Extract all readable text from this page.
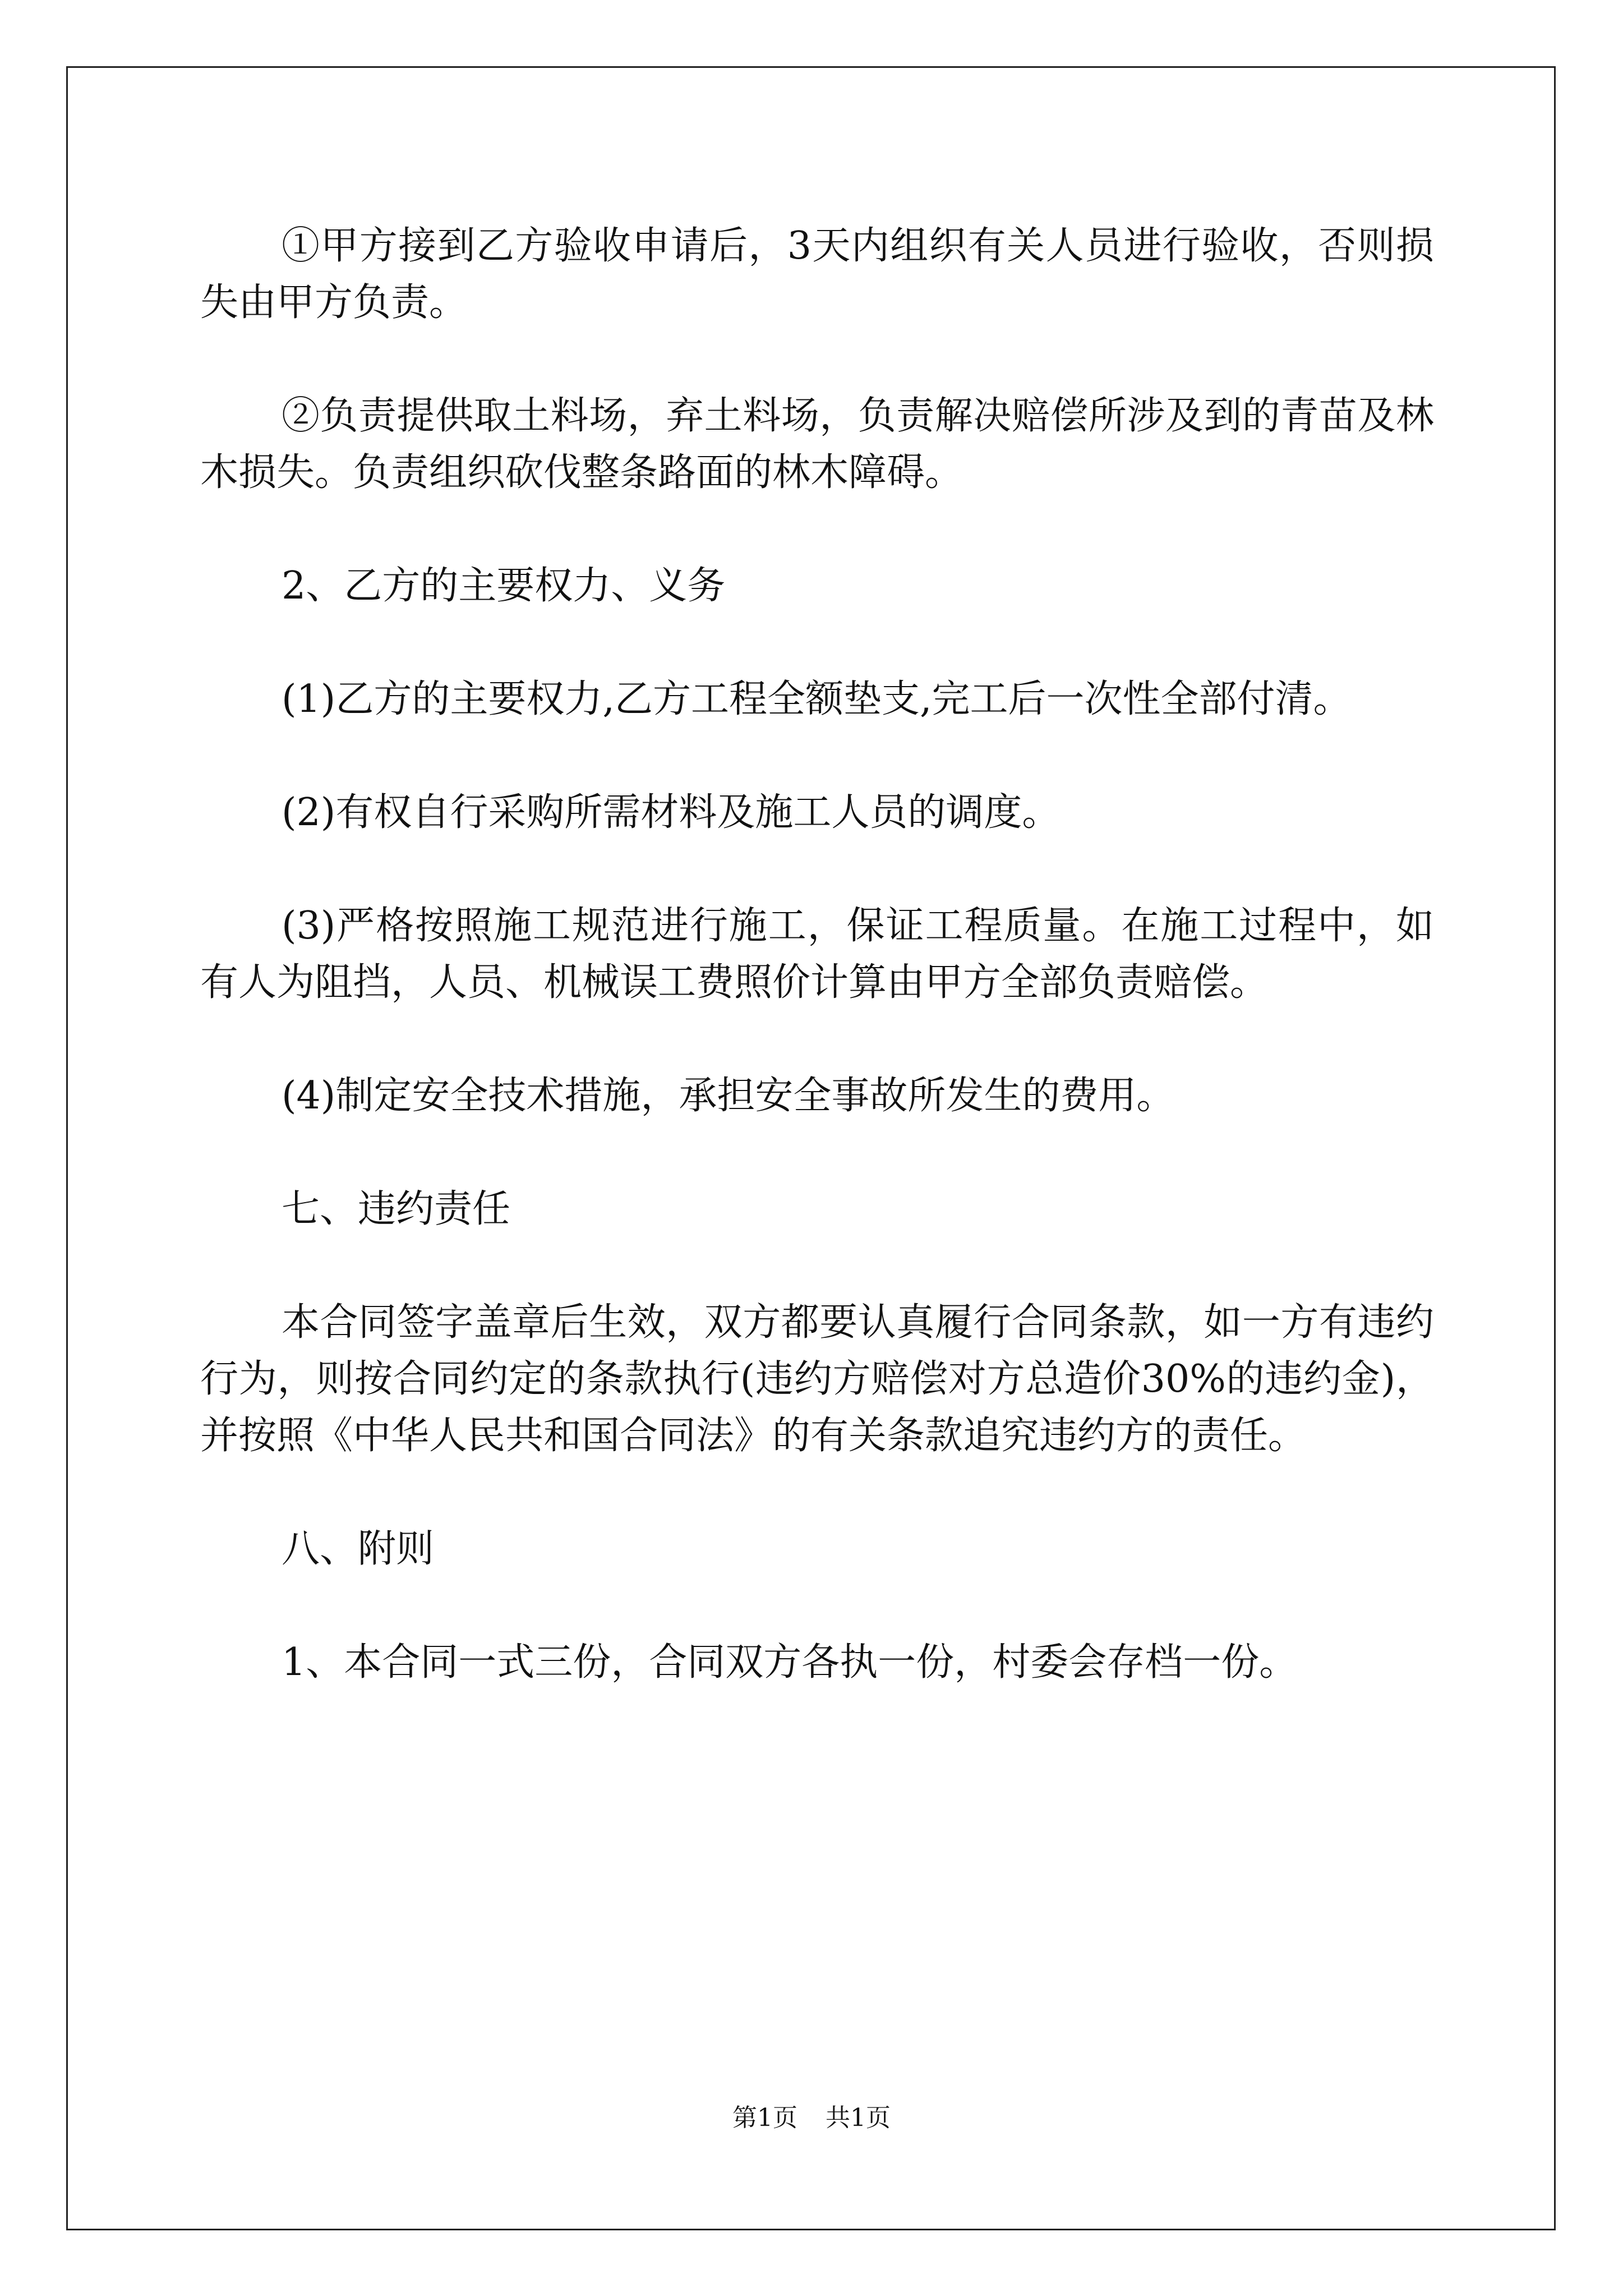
①甲方接到乙方验收申请后，3天内组织有关人员进行验收，否则损失由甲方负责。

②负责提供取土料场，弃土料场，负责解决赔偿所涉及到的青苗及林木损失。负责组织砍伐整条路面的林木障碍。

2、乙方的主要权力、义务

(1)乙方的主要权力,乙方工程全额垫支,完工后一次性全部付清。

(2)有权自行采购所需材料及施工人员的调度。

(3)严格按照施工规范进行施工，保证工程质量。在施工过程中，如有人为阻挡，人员、机械误工费照价计算由甲方全部负责赔偿。

(4)制定安全技术措施，承担安全事故所发生的费用。

七、违约责任

本合同签字盖章后生效，双方都要认真履行合同条款，如一方有违约行为，则按合同约定的条款执行(违约方赔偿对方总造价30%的违约金)，并按照《中华人民共和国合同法》的有关条款追究违约方的责任。

八、附则

1、本合同一式三份，合同双方各执一份，村委会存档一份。

第1页 共1页
